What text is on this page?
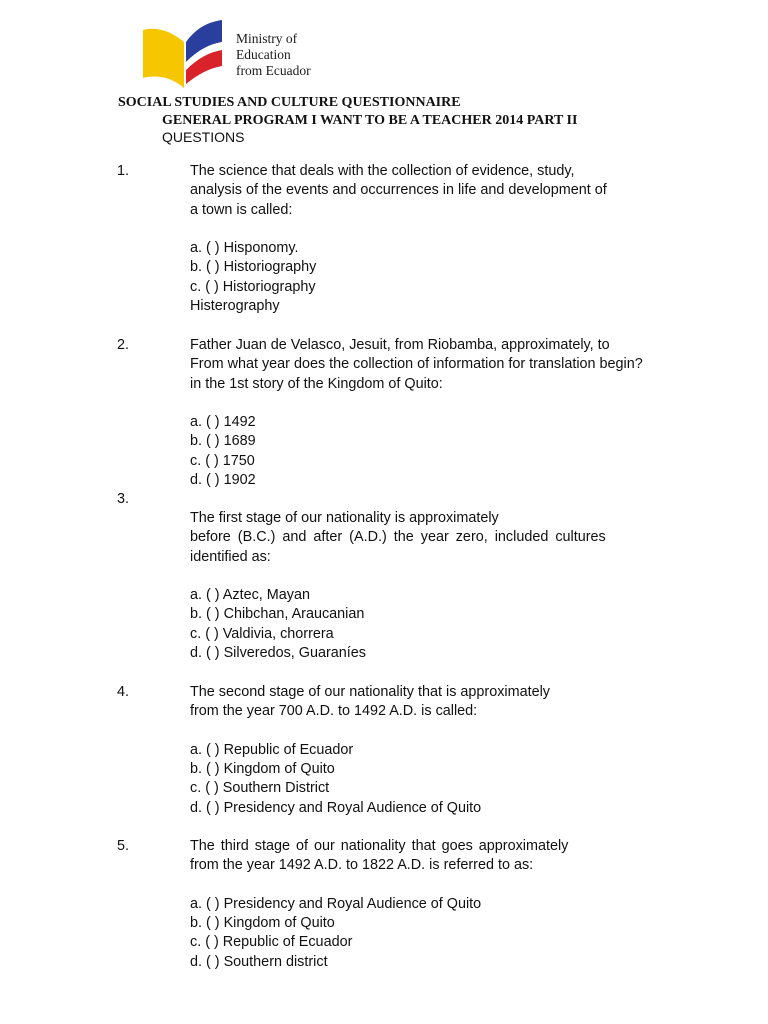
Ministry of
Education
from Ecuador
SOCIAL STUDIES AND CULTURE QUESTIONNAIRE
GENERAL PROGRAM I WANT TO BE A TEACHER 2014 PART II
QUESTIONS
1.	The science that deals with the collection of evidence, study,
analysis of the events and occurrences in life and development of
a town is called:
a. ( ) Hisponomy.
b. ( ) Historiography
c. ( ) Historiography
Histerography
2.	Father Juan de Velasco, Jesuit, from Riobamba, approximately, to
From what year does the collection of information for translation begin?
in the 1st story of the Kingdom of Quito:
a. ( ) 1492
b. ( ) 1689
c. ( ) 1750
d. ( ) 1902
3.
The first stage of our nationality is approximately
before (B.C.) and after (A.D.) the year zero, included cultures
identified as:
a. ( ) Aztec, Mayan
b. ( ) Chibchan, Araucanian
c. ( ) Valdivia, chorrera
d. ( ) Silveredos, Guaraníes
4.	The second stage of our nationality that is approximately
from the year 700 A.D. to 1492 A.D. is called:
a. ( ) Republic of Ecuador
b. ( ) Kingdom of Quito
c. ( ) Southern District
d. ( ) Presidency and Royal Audience of Quito
5.	The third stage of our nationality that goes approximately
from the year 1492 A.D. to 1822 A.D. is referred to as:
a. ( ) Presidency and Royal Audience of Quito
b. ( ) Kingdom of Quito
c. ( ) Republic of Ecuador
d. ( ) Southern district
